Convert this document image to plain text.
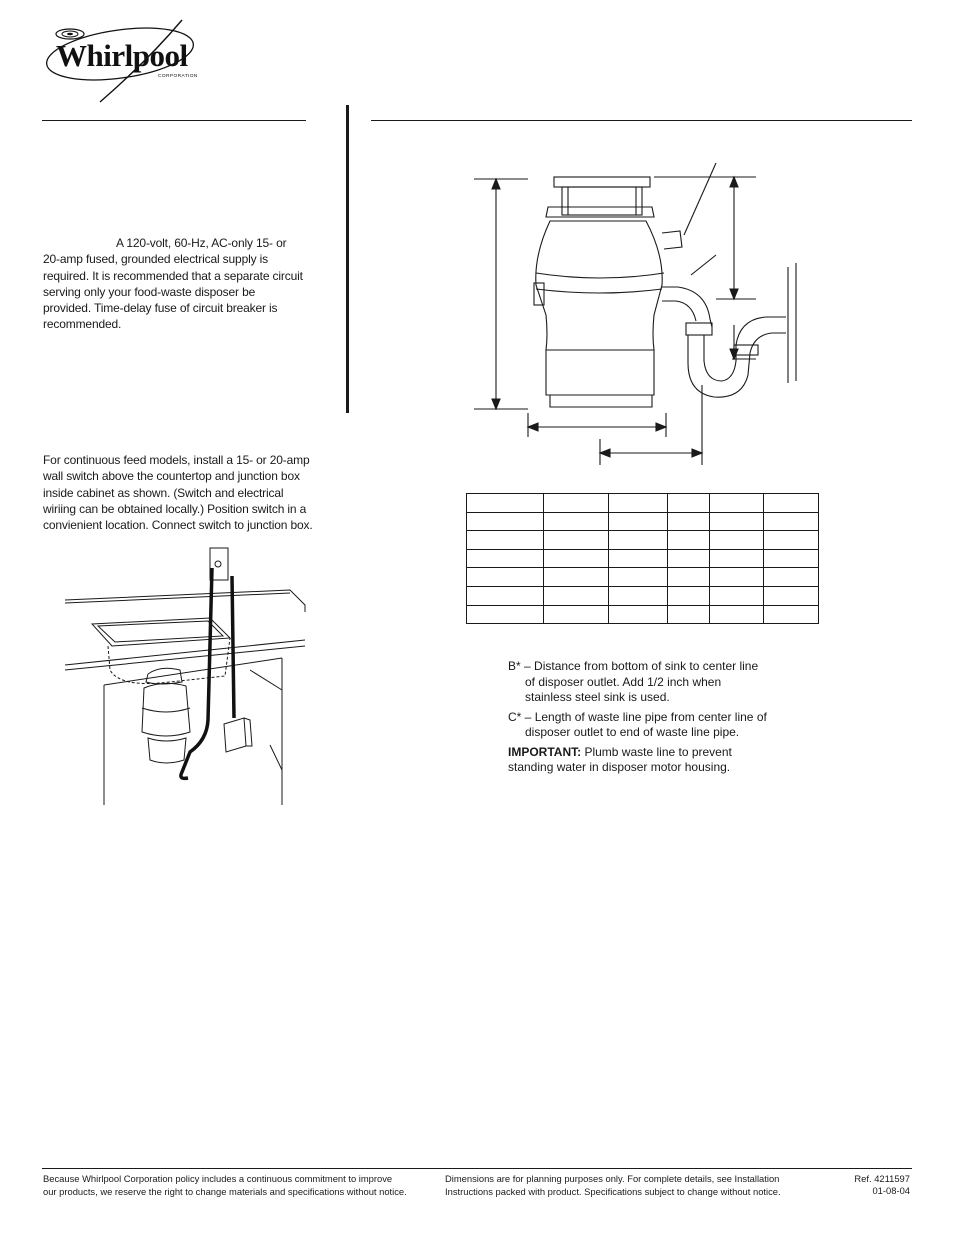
Whirlpool
CORPORATION
A 120-volt, 60-Hz, AC-only 15- or
20-amp fused, grounded electrical supply is
required. It is recommended that a separate circuit
serving only your food-waste disposer be
provided. Time-delay fuse of circuit breaker is
recommended.
For continuous feed models, install a 15- or 20-amp
wall switch above the countertop and junction box
inside cabinet as shown. (Switch and electrical
wiriing can be obtained locally.) Position switch in a
convienient location. Connect switch to junction box.

B* – Distance from bottom of sink to center line
of disposer outlet. Add 1/2 inch when
stainless steel sink is used.
C* – Length of waste line pipe from center line of
disposer outlet to end of waste line pipe.
IMPORTANT: Plumb waste line to prevent
standing water in disposer motor housing.
Because Whirlpool Corporation policy includes a continuous commitment to improve
our products, we reserve the right to change materials and specifications without notice.
Dimensions are for planning purposes only. For complete details, see Installation
Instructions packed with product. Specifications subject to change without notice.
Ref. 4211597
01-08-04
